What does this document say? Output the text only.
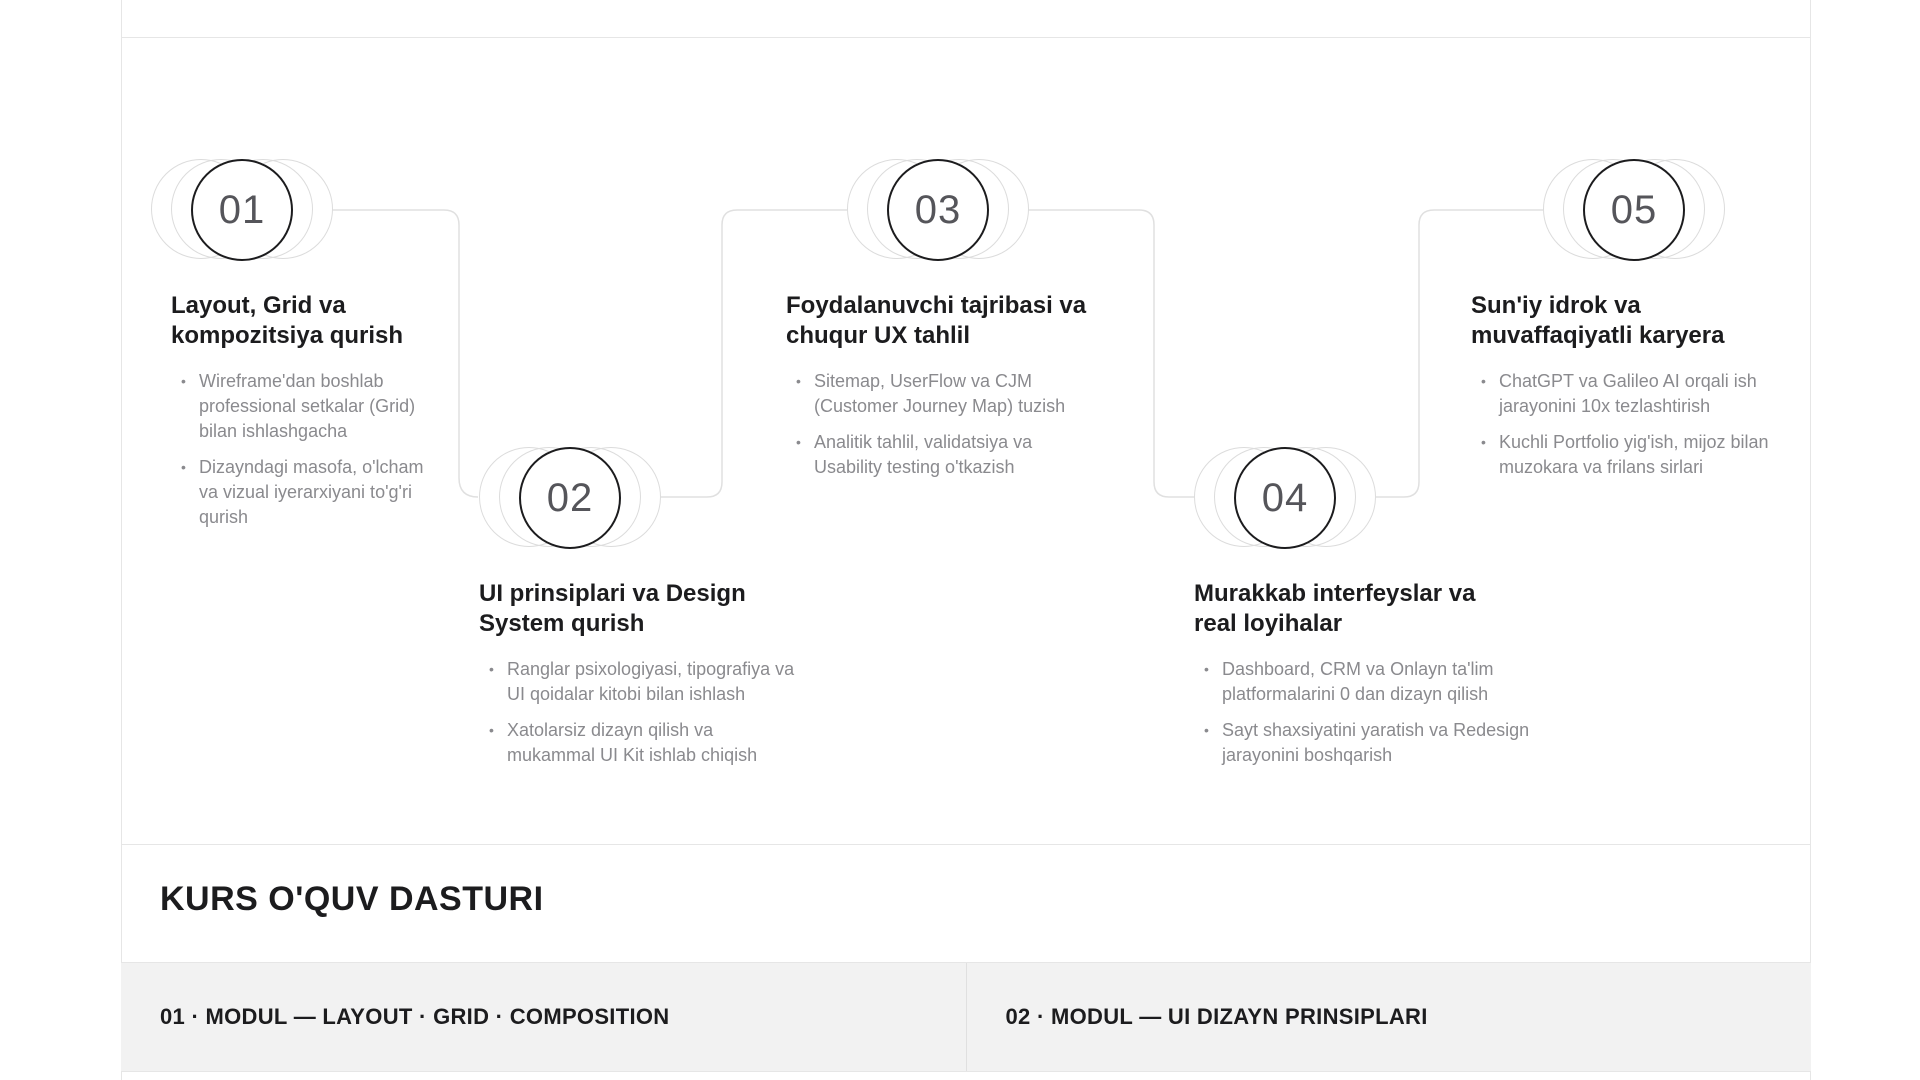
01

Layout, Grid va
kompozitsiya qurish

• Wireframe'dan boshlab professional setkalar (Grid) bilan ishlashgacha
• Dizayndagi masofa, o'lcham va vizual iyerarxiyani to'g'ri qurish	02

UI prinsiplari va Design
System qurish

• Ranglar psixologiyasi, tipografiya va UI qoidalar kitobi bilan ishlash
• Xatolarsiz dizayn qilish va mukammal UI Kit ishlab chiqish
03

Foydalanuvchi tajribasi va
chuqur UX tahlil

• Sitemap, UserFlow va CJM (Customer Journey Map) tuzish
• Analitik tahlil, validatsiya va Usability testing o'tkazish
04

Murakkab interfeyslar va
real loyihalar

• Dashboard, CRM va Onlayn ta'lim platformalarini 0 dan dizayn qilish
• Sayt shaxsiyatini yaratish va Redesign jarayonini boshqarish
05

Sun'iy idrok va
muvaffaqiyatli karyera

• ChatGPT va Galileo AI orqali ish jarayonini 10x tezlashtirish
• Kuchli Portfolio yig'ish, mijoz bilan muzokara va frilans sirlari
KURS O'QUV DASTURI
01 · MODUL — LAYOUT · GRID · COMPOSITION	02 · MODUL — UI DIZAYN PRINSIPLARI
